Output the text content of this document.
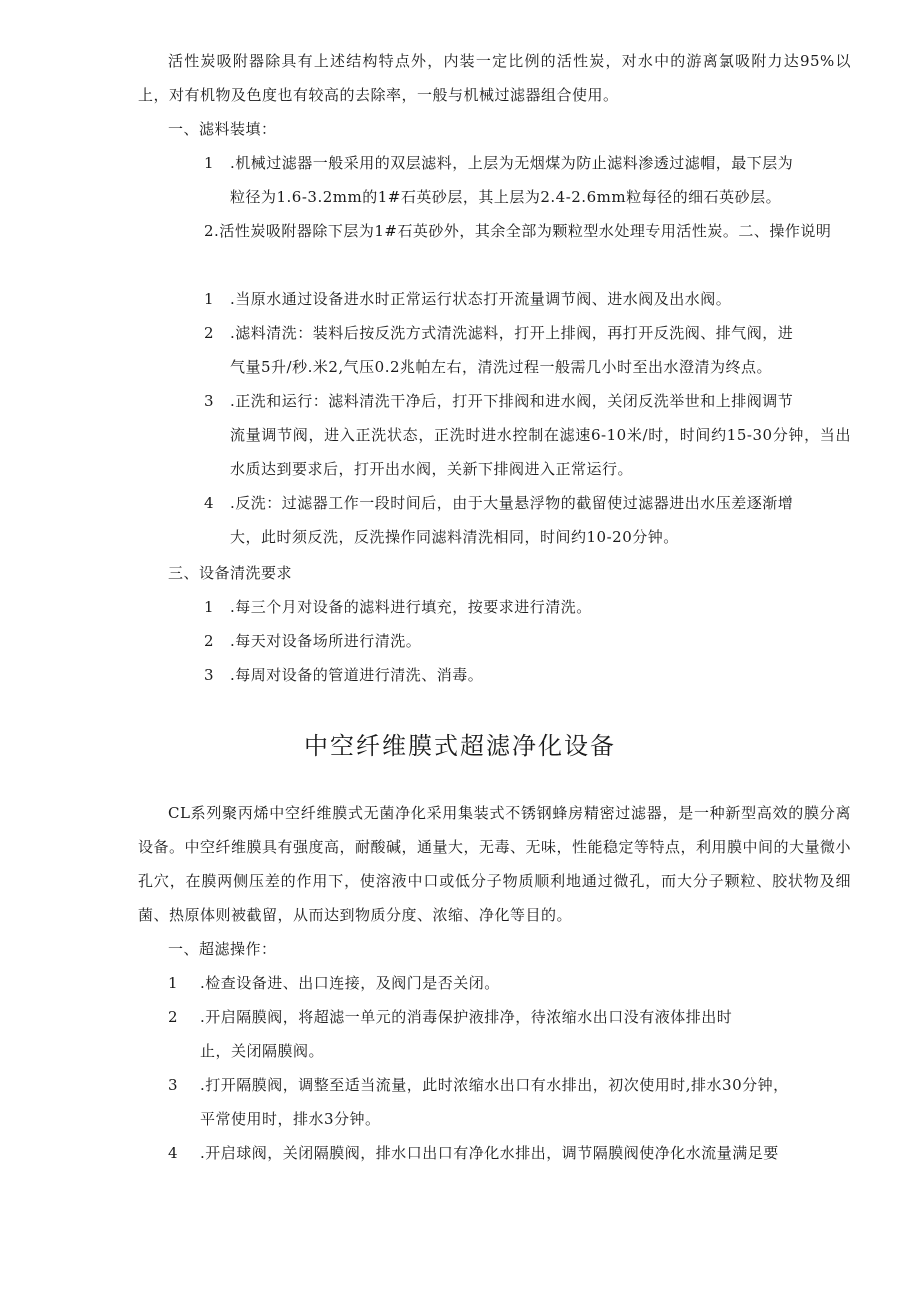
活性炭吸附器除具有上述结构特点外，内装一定比例的活性炭，对水中的游离氯吸附力达95%以上，对有机物及色度也有较高的去除率，一般与机械过滤器组合使用。

一、滤料装填：

1 .机械过滤器一般采用的双层滤料，上层为无烟煤为防止滤料渗透过滤帽，最下层为
粒径为1.6-3.2mm的1#石英砂层，其上层为2.4-2.6mm粒每径的细石英砂层。

2.活性炭吸附器除下层为1#石英砂外，其余全部为颗粒型水处理专用活性炭。二、操作说明

1 .当原水通过设备进水时正常运行状态打开流量调节阀、进水阀及出水阀。

2 .滤料清洗：装料后按反洗方式清洗滤料，打开上排阀，再打开反洗阀、排气阀，进
气量5升/秒.米2,气压0.2兆帕左右，清洗过程一般需几小时至出水澄清为终点。

3 .正洗和运行：滤料清洗干净后，打开下排阀和进水阀，关闭反洗举世和上排阀调节
流量调节阀，进入正洗状态，正洗时进水控制在滤速6-10米/时，时间约15-30分钟，当出水质达到要求后，打开出水阀，关新下排阀进入正常运行。

4 .反洗：过滤器工作一段时间后，由于大量悬浮物的截留使过滤器进出水压差逐渐增
大，此时须反洗，反洗操作同滤料清洗相同，时间约10-20分钟。

三、设备清洗要求

1 .每三个月对设备的滤料进行填充，按要求进行清洗。

2 .每天对设备场所进行清洗。

3 .每周对设备的管道进行清洗、消毒。

中空纤维膜式超滤净化设备

CL系列聚丙烯中空纤维膜式无菌净化采用集装式不锈钢蜂房精密过滤器，是一种新型高效的膜分离设备。中空纤维膜具有强度高，耐酸碱，通量大，无毒、无味，性能稳定等特点，利用膜中间的大量微小孔穴，在膜两侧压差的作用下，使溶液中口或低分子物质顺利地通过微孔，而大分子颗粒、胶状物及细菌、热原体则被截留，从而达到物质分度、浓缩、净化等目的。

一、超滤操作：

1 .检查设备进、出口连接，及阀门是否关闭。

2 .开启隔膜阀，将超滤一单元的消毒保护液排净，待浓缩水出口没有液体排出时

止，关闭隔膜阀。

3 .打开隔膜阀，调整至适当流量，此时浓缩水出口有水排出，初次使用时,排水30分钟，

平常使用时，排水3分钟。

4 .开启球阀，关闭隔膜阀，排水口出口有净化水排出，调节隔膜阀使净化水流量满足要
